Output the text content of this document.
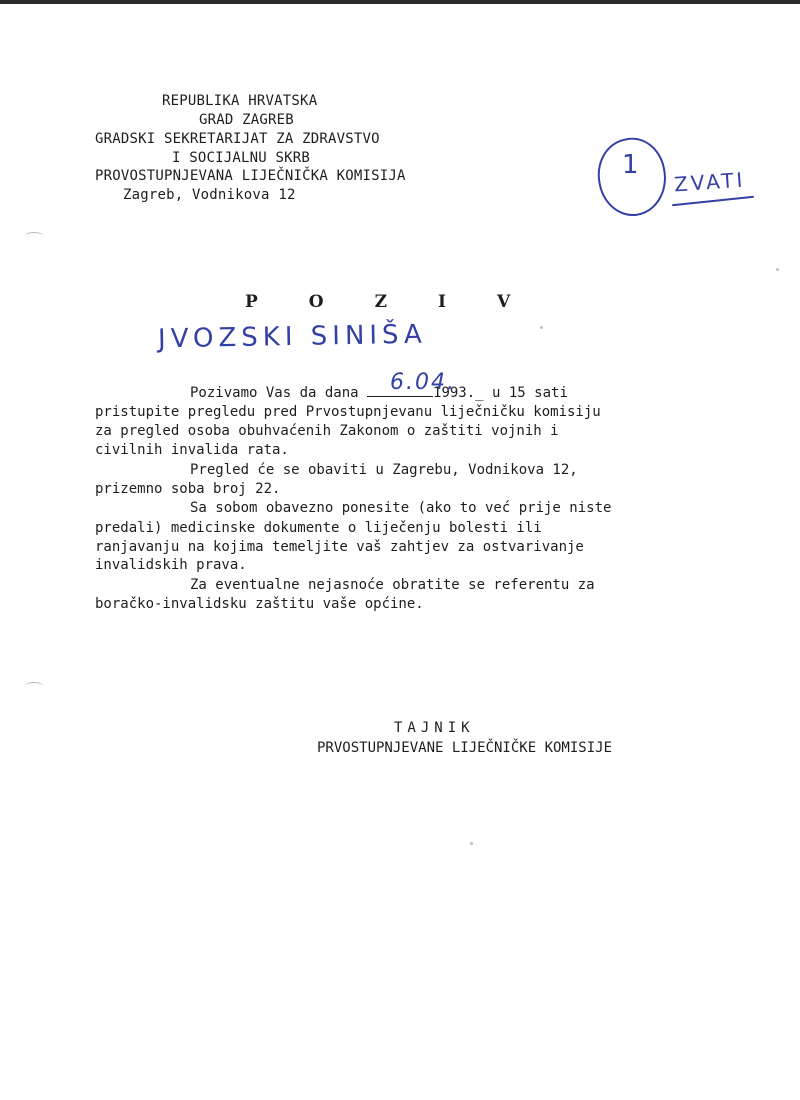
REPUBLIKA HRVATSKA
GRAD ZAGREB
GRADSKI SEKRETARIJAT ZA ZDRAVSTVO
I SOCIJALNU SKRB
PROVOSTUPNJEVANA LIJEČNIČKA KOMISIJA
Zagreb, Vodnikova 12
1
ZVATI
POZIV
JVOZSKI SINIŠA
Pozivamo Vas da dana	1993._ u 15 sati
pristupite pregledu pred Prvostupnjevanu liječničku komisiju
za pregled osoba obuhvaćenih Zakonom o zaštiti vojnih i
civilnih invalida rata.
Pregled će se obaviti u Zagrebu, Vodnikova 12,
prizemno soba broj 22.
Sa sobom obavezno ponesite (ako to već prije niste
predali) medicinske dokumente o liječenju bolesti ili
ranjavanju na kojima temeljite vaš zahtjev za ostvarivanje
invalidskih prava.
Za eventualne nejasnoće obratite se referentu za
boračko-invalidsku zaštitu vaše općine.
6.04.
TAJNIK
PRVOSTUPNJEVANE LIJEČNIČKE KOMISIJE
